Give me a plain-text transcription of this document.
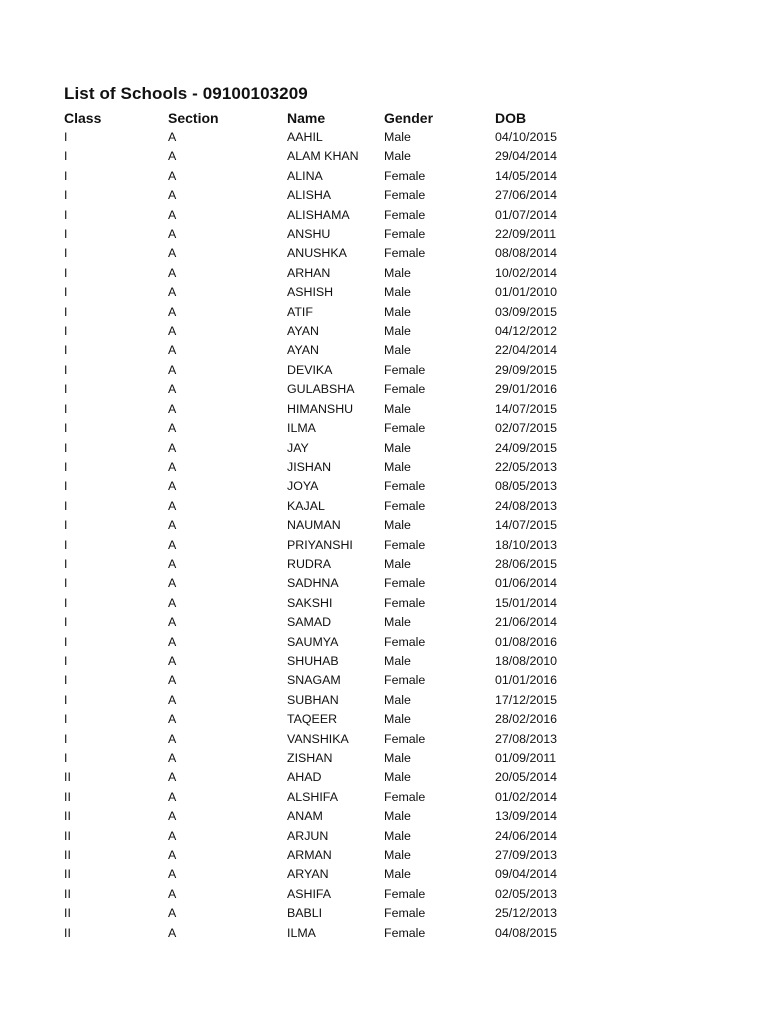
List of Schools - 09100103209
Class	Section	Name	Gender	DOB
I	A	AAHIL	Male	04/10/2015
I	A	ALAM KHAN	Male	29/04/2014
I	A	ALINA	Female	14/05/2014
I	A	ALISHA	Female	27/06/2014
I	A	ALISHAMA	Female	01/07/2014
I	A	ANSHU	Female	22/09/2011
I	A	ANUSHKA	Female	08/08/2014
I	A	ARHAN	Male	10/02/2014
I	A	ASHISH	Male	01/01/2010
I	A	ATIF	Male	03/09/2015
I	A	AYAN	Male	04/12/2012
I	A	AYAN	Male	22/04/2014
I	A	DEVIKA	Female	29/09/2015
I	A	GULABSHA	Female	29/01/2016
I	A	HIMANSHU	Male	14/07/2015
I	A	ILMA	Female	02/07/2015
I	A	JAY	Male	24/09/2015
I	A	JISHAN	Male	22/05/2013
I	A	JOYA	Female	08/05/2013
I	A	KAJAL	Female	24/08/2013
I	A	NAUMAN	Male	14/07/2015
I	A	PRIYANSHI	Female	18/10/2013
I	A	RUDRA	Male	28/06/2015
I	A	SADHNA	Female	01/06/2014
I	A	SAKSHI	Female	15/01/2014
I	A	SAMAD	Male	21/06/2014
I	A	SAUMYA	Female	01/08/2016
I	A	SHUHAB	Male	18/08/2010
I	A	SNAGAM	Female	01/01/2016
I	A	SUBHAN	Male	17/12/2015
I	A	TAQEER	Male	28/02/2016
I	A	VANSHIKA	Female	27/08/2013
I	A	ZISHAN	Male	01/09/2011
II	A	AHAD	Male	20/05/2014
II	A	ALSHIFA	Female	01/02/2014
II	A	ANAM	Male	13/09/2014
II	A	ARJUN	Male	24/06/2014
II	A	ARMAN	Male	27/09/2013
II	A	ARYAN	Male	09/04/2014
II	A	ASHIFA	Female	02/05/2013
II	A	BABLI	Female	25/12/2013
II	A	ILMA	Female	04/08/2015
